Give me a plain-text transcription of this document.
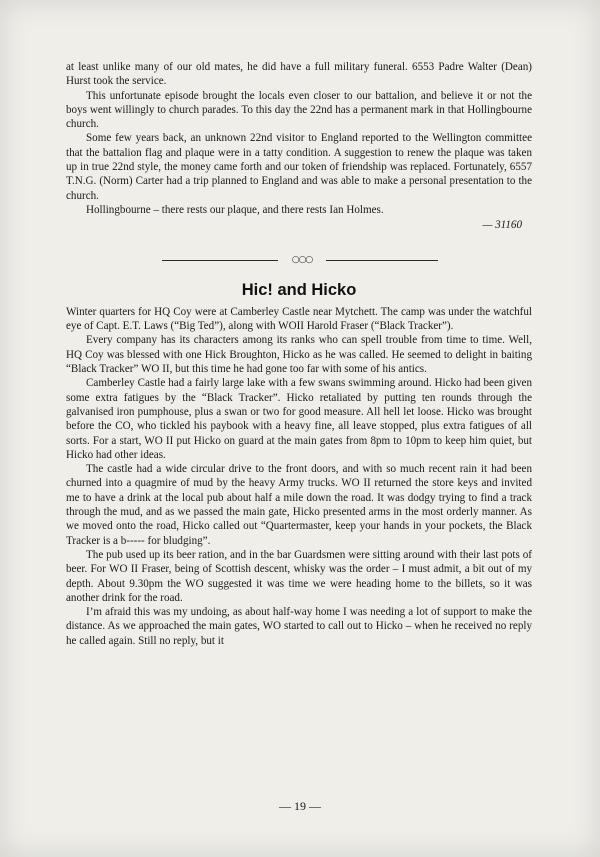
at least unlike many of our old mates, he did have a full military funeral. 6553 Padre Walter (Dean) Hurst took the service.

This unfortunate episode brought the locals even closer to our battalion, and believe it or not the boys went willingly to church parades. To this day the 22nd has a permanent mark in that Hollingbourne church.

Some few years back, an unknown 22nd visitor to England reported to the Wellington committee that the battalion flag and plaque were in a tatty condition. A suggestion to renew the plaque was taken up in true 22nd style, the money came forth and our token of friendship was replaced. Fortunately, 6557 T.N.G. (Norm) Carter had a trip planned to England and was able to make a personal presentation to the church.

Hollingbourne – there rests our plaque, and there rests Ian Holmes.

— 31160
○○○
Hic! and Hicko

Winter quarters for HQ Coy were at Camberley Castle near Mytchett. The camp was under the watchful eye of Capt. E.T. Laws (“Big Ted”), along with WOII Harold Fraser (“Black Tracker”).

Every company has its characters among its ranks who can spell trouble from time to time. Well, HQ Coy was blessed with one Hick Broughton, Hicko as he was called. He seemed to delight in baiting “Black Tracker” WO II, but this time he had gone too far with some of his antics.

Camberley Castle had a fairly large lake with a few swans swimming around. Hicko had been given some extra fatigues by the “Black Tracker”. Hicko retaliated by putting ten rounds through the galvanised iron pumphouse, plus a swan or two for good measure. All hell let loose. Hicko was brought before the CO, who tickled his paybook with a heavy fine, all leave stopped, plus extra fatigues of all sorts. For a start, WO II put Hicko on guard at the main gates from 8pm to 10pm to keep him quiet, but Hicko had other ideas.

The castle had a wide circular drive to the front doors, and with so much recent rain it had been churned into a quagmire of mud by the heavy Army trucks. WO II returned the store keys and invited me to have a drink at the local pub about half a mile down the road. It was dodgy trying to find a track through the mud, and as we passed the main gate, Hicko presented arms in the most orderly manner. As we moved onto the road, Hicko called out “Quartermaster, keep your hands in your pockets, the Black Tracker is a b----- for bludging”.

The pub used up its beer ration, and in the bar Guardsmen were sitting around with their last pots of beer. For WO II Fraser, being of Scottish descent, whisky was the order – I must admit, a bit out of my depth. About 9.30pm the WO suggested it was time we were heading home to the billets, so it was another drink for the road.

I’m afraid this was my undoing, as about half-way home I was needing a lot of support to make the distance. As we approached the main gates, WO started to call out to Hicko – when he received no reply he called again. Still no reply, but it

— 19 —
